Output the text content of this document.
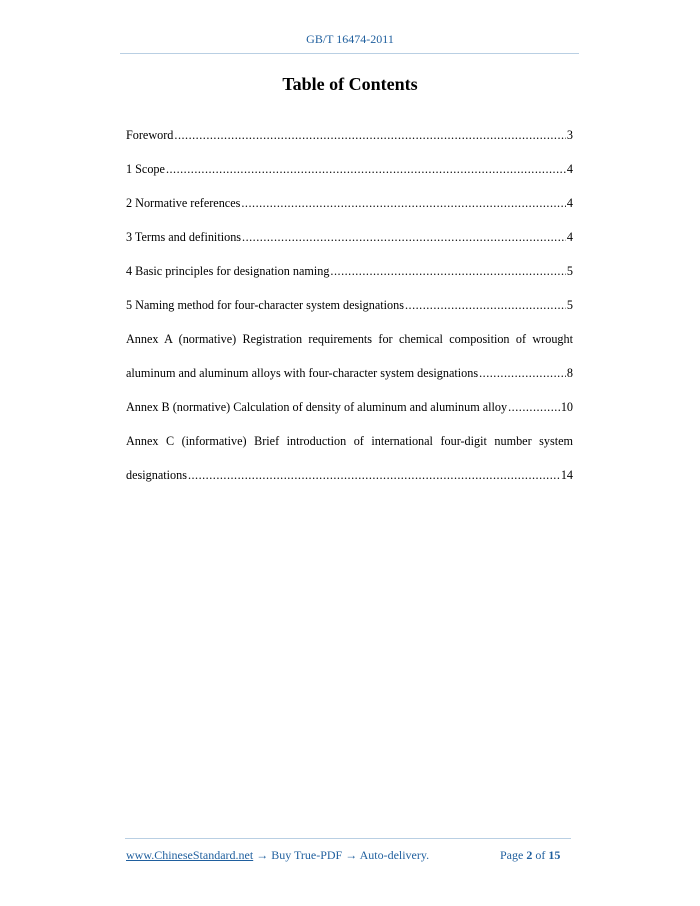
GB/T 16474-2011
Table of Contents
Foreword .....	3
1 Scope .....	4
2 Normative references .....	4
3 Terms and definitions .....	4
4 Basic principles for designation naming .....	5
5 Naming method for four-character system designations .....	5
Annex A (normative) Registration requirements for chemical composition of wrought
aluminum and aluminum alloys with four-character system designations .....	8
Annex B (normative) Calculation of density of aluminum and aluminum alloy .....	10
Annex C (informative) Brief introduction of international four-digit number system
designations .....	14
www.ChineseStandard.net → Buy True-PDF → Auto-delivery.	Page 2 of 15
